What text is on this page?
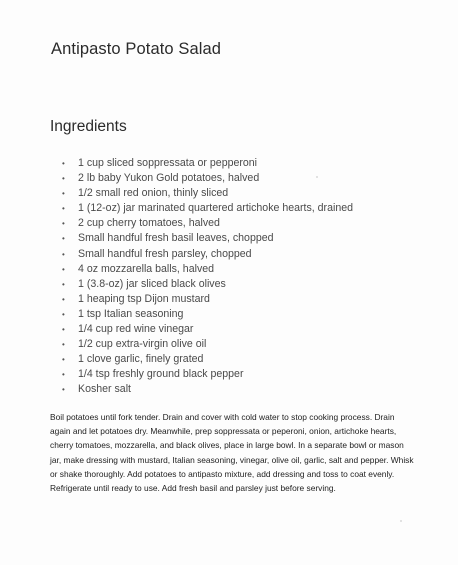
Antipasto Potato Salad
Ingredients
• 1 cup sliced soppressata or pepperoni
• 2 lb baby Yukon Gold potatoes, halved
• 1/2 small red onion, thinly sliced
• 1 (12-oz) jar marinated quartered artichoke hearts, drained
• 2 cup cherry tomatoes, halved
• Small handful fresh basil leaves, chopped
• Small handful fresh parsley, chopped
• 4 oz mozzarella balls, halved
• 1 (3.8-oz) jar sliced black olives
• 1 heaping tsp Dijon mustard
• 1 tsp Italian seasoning
• 1/4 cup red wine vinegar
• 1/2 cup extra-virgin olive oil
• 1 clove garlic, finely grated
• 1/4 tsp freshly ground black pepper
• Kosher salt

Boil potatoes until fork tender. Drain and cover with cold water to stop cooking process. Drain again and let potatoes dry. Meanwhile, prep soppressata or peperoni, onion, artichoke hearts, cherry tomatoes, mozzarella, and black olives, place in large bowl. In a separate bowl or mason jar, make dressing with mustard, Italian seasoning, vinegar, olive oil, garlic, salt and pepper. Whisk or shake thoroughly. Add potatoes to antipasto mixture, add dressing and toss to coat evenly. Refrigerate until ready to use. Add fresh basil and parsley just before serving.
